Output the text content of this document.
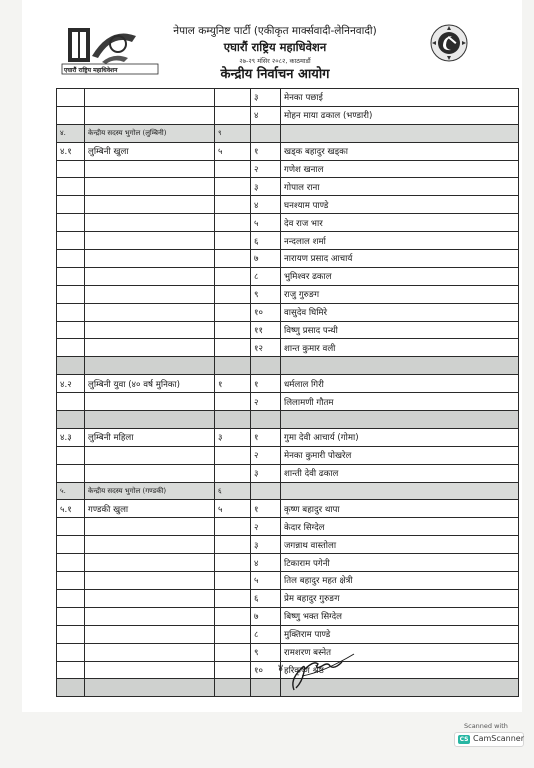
एघारौं राष्ट्रिय महाधिवेशन
नेपाल कम्युनिष्ट पार्टी (एकीकृत मार्क्सवादी-लेनिनवादी)
एघारौं राष्ट्रिय महाधिवेशन
२७-२९ मंसिर २०८२, काठमाडौं
केन्द्रीय निर्वाचन आयोग
			३	मेनका पछाई
			४	मोहन माया ढकाल (भण्डारी)
४.	केन्द्रीय सदस्य भुगोल (लुम्बिनी)	९		
४.१	लुम्बिनी खुला	५	१	खड्क बहादुर खड्का
			२	गणेश खनाल
			३	गोपाल राना
			४	घनश्याम पाण्डे
			५	देव राज भार
			६	नन्दलाल शर्मा
			७	नारायण प्रसाद आचार्य
			८	भुमिश्वर ढकाल
			९	राजु गुरुङग
			१०	वासुदेव घिमिरे
			११	विष्णु प्रसाद पन्थी
			१२	शान्त कुमार वली

४.२	लुम्बिनी युवा (४० वर्ष मुनिका)	१	१	धर्मलाल गिरी
			२	लिलामणी गौतम

४.३	लुम्बिनी महिला	३	१	गुमा देवी आचार्य (गोमा)
			२	मेनका कुमारी पोखरेल
			३	शान्ती देवी ढकाल
५.	केन्द्रीय सदस्य भुगोल (गण्डकी)	६		
५.१	गण्डकी खुला	५	१	कृष्ण बहादुर थापा
			२	केदार सिग्देल
			३	जगन्नाथ वास्तोला
			४	टिकाराम पगेनी
			५	तिल बहादुर महत क्षेत्री
			६	प्रेम बहादुर गुरुङग
			७	बिष्णु भक्त सिग्देल
			८	मुक्तिराम पाण्डे
			९	रामशरण बस्नेत
			१०	हरिकृष्ण श्रेष्ठ

४
Scanned with
CS CamScanner
